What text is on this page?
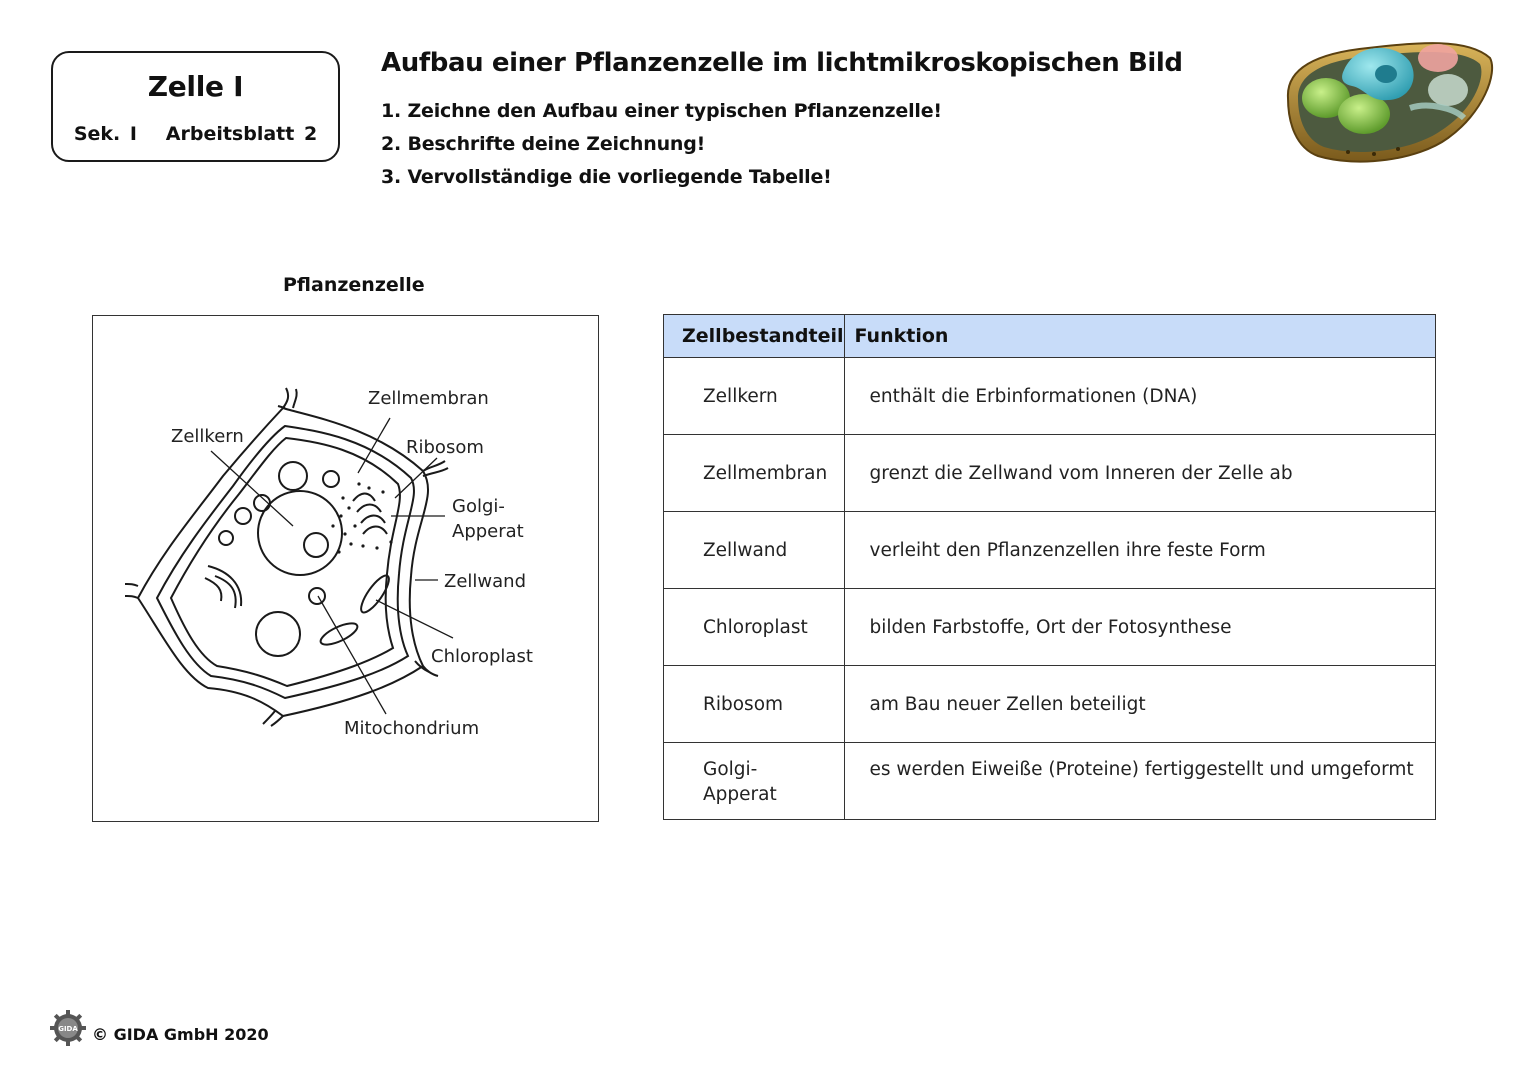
Zelle I
Sek. I   Arbeitsblatt 2
Aufbau einer Pflanzenzelle im lichtmikroskopischen Bild
1. Zeichne den Aufbau einer typischen Pflanzenzelle!
2. Beschrifte deine Zeichnung!
3. Vervollständige die vorliegende Tabelle!
Pflanzenzelle
Zellmembran
Zellkern
Ribosom
Golgi-
Apperat
Zellwand
Chloroplast
Mitochondrium
Zellbestandteil	Funktion
Zellkern	enthält die Erbinformationen (DNA)
Zellmembran	grenzt die Zellwand vom Inneren der Zelle ab
Zellwand	verleiht den Pflanzenzellen ihre feste Form
Chloroplast	bilden Farbstoffe, Ort der Fotosynthese
Ribosom	am Bau neuer Zellen beteiligt
Golgi-
Apperat	es werden Eiweiße (Proteine) fertiggestellt und umgeformt
GIDA © GIDA GmbH 2020
